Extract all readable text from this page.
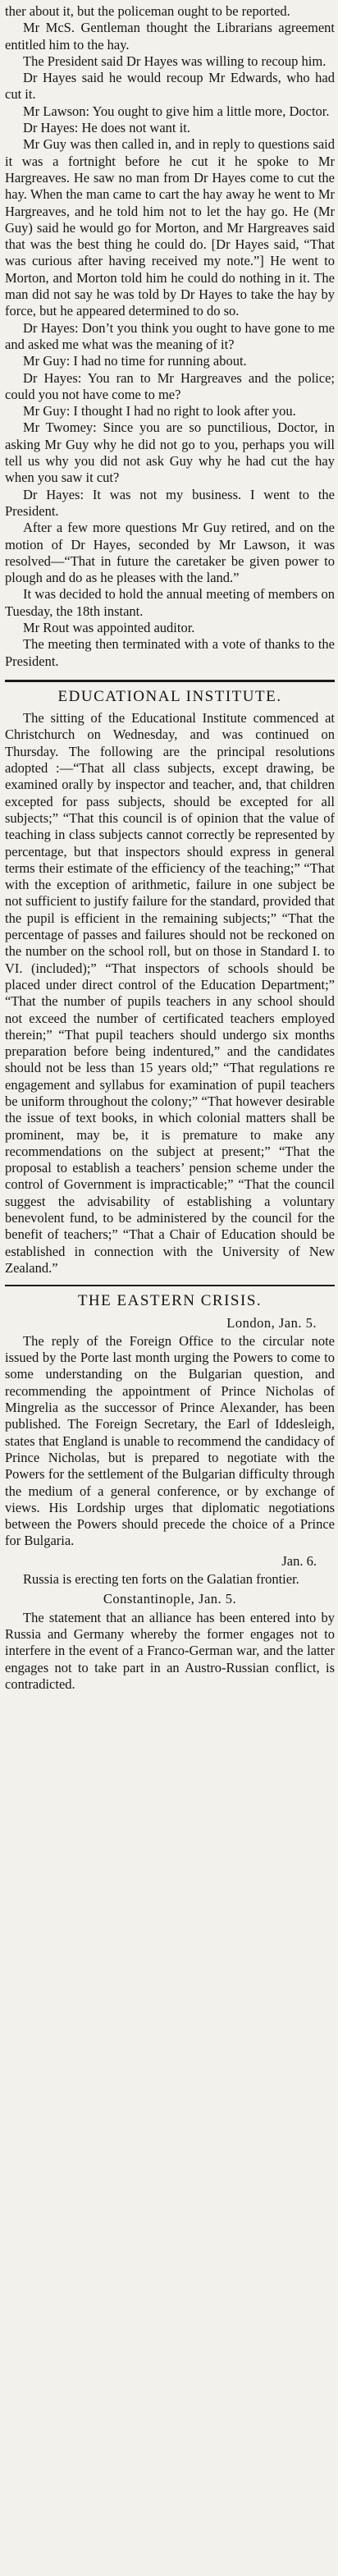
ther about it, but the policeman ought to be reported.

Mr McS. Gentleman thought the Librarians agreement entitled him to the hay.

The President said Dr Hayes was willing to recoup him.

Dr Hayes said he would recoup Mr Edwards, who had cut it.

Mr Lawson: You ought to give him a little more, Doctor.

Dr Hayes: He does not want it.

Mr Guy was then called in, and in reply to questions said it was a fortnight before he cut it he spoke to Mr Hargreaves. He saw no man from Dr Hayes come to cut the hay. When the man came to cart the hay away he went to Mr Hargreaves, and he told him not to let the hay go. He (Mr Guy) said he would go for Morton, and Mr Hargreaves said that was the best thing he could do. [Dr Hayes said, “That was curious after having received my note.”] He went to Morton, and Morton told him he could do nothing in it. The man did not say he was told by Dr Hayes to take the hay by force, but he appeared determined to do so.

Dr Hayes: Don’t you think you ought to have gone to me and asked me what was the meaning of it?

Mr Guy: I had no time for running about.

Dr Hayes: You ran to Mr Hargreaves and the police; could you not have come to me?

Mr Guy: I thought I had no right to look after you.

Mr Twomey: Since you are so punctilious, Doctor, in asking Mr Guy why he did not go to you, perhaps you will tell us why you did not ask Guy why he had cut the hay when you saw it cut?

Dr Hayes: It was not my business. I went to the President.

After a few more questions Mr Guy retired, and on the motion of Dr Hayes, seconded by Mr Lawson, it was resolved—“That in future the caretaker be given power to plough and do as he pleases with the land.”

It was decided to hold the annual meeting of members on Tuesday, the 18th instant.

Mr Rout was appointed auditor.

The meeting then terminated with a vote of thanks to the President.

EDUCATIONAL INSTITUTE.

The sitting of the Educational Institute commenced at Christchurch on Wednesday, and was continued on Thursday. The following are the principal resolutions adopted :—“That all class subjects, except drawing, be examined orally by inspector and teacher, and, that children excepted for pass subjects, should be excepted for all subjects;” “That this council is of opinion that the value of teaching in class subjects cannot correctly be represented by percentage, but that inspectors should express in general terms their estimate of the efficiency of the teaching;” “That with the exception of arithmetic, failure in one subject be not sufficient to justify failure for the standard, provided that the pupil is efficient in the remaining subjects;” “That the percentage of passes and failures should not be reckoned on the number on the school roll, but on those in Standard I. to VI. (included);” “That inspectors of schools should be placed under direct control of the Education Department;” “That the number of pupils teachers in any school should not exceed the number of certificated teachers employed therein;” “That pupil teachers should undergo six months preparation before being indentured,” and the candidates should not be less than 15 years old;” “That regulations re engagement and syllabus for examination of pupil teachers be uniform throughout the colony;” “That however desirable the issue of text books, in which colonial matters shall be prominent, may be, it is premature to make any recommendations on the subject at present;” “That the proposal to establish a teachers’ pension scheme under the control of Government is impracticable;” “That the council suggest the advisability of establishing a voluntary benevolent fund, to be administered by the council for the benefit of teachers;” “That a Chair of Education should be established in connection with the University of New Zealand.”

THE EASTERN CRISIS.
London, Jan. 5.

The reply of the Foreign Office to the circular note issued by the Porte last month urging the Powers to come to some understanding on the Bulgarian question, and recommending the appointment of Prince Nicholas of Mingrelia as the successor of Prince Alexander, has been published. The Foreign Secretary, the Earl of Iddesleigh, states that England is unable to recommend the candidacy of Prince Nicholas, but is prepared to negotiate with the Powers for the settlement of the Bulgarian difficulty through the medium of a general conference, or by exchange of views. His Lordship urges that diplomatic negotiations between the Powers should precede the choice of a Prince for Bulgaria.

Jan. 6.

Russia is erecting ten forts on the Galatian frontier.

Constantinople, Jan. 5.

The statement that an alliance has been entered into by Russia and Germany whereby the former engages not to interfere in the event of a Franco-German war, and the latter engages not to take part in an Austro-Russian conflict, is contradicted.
